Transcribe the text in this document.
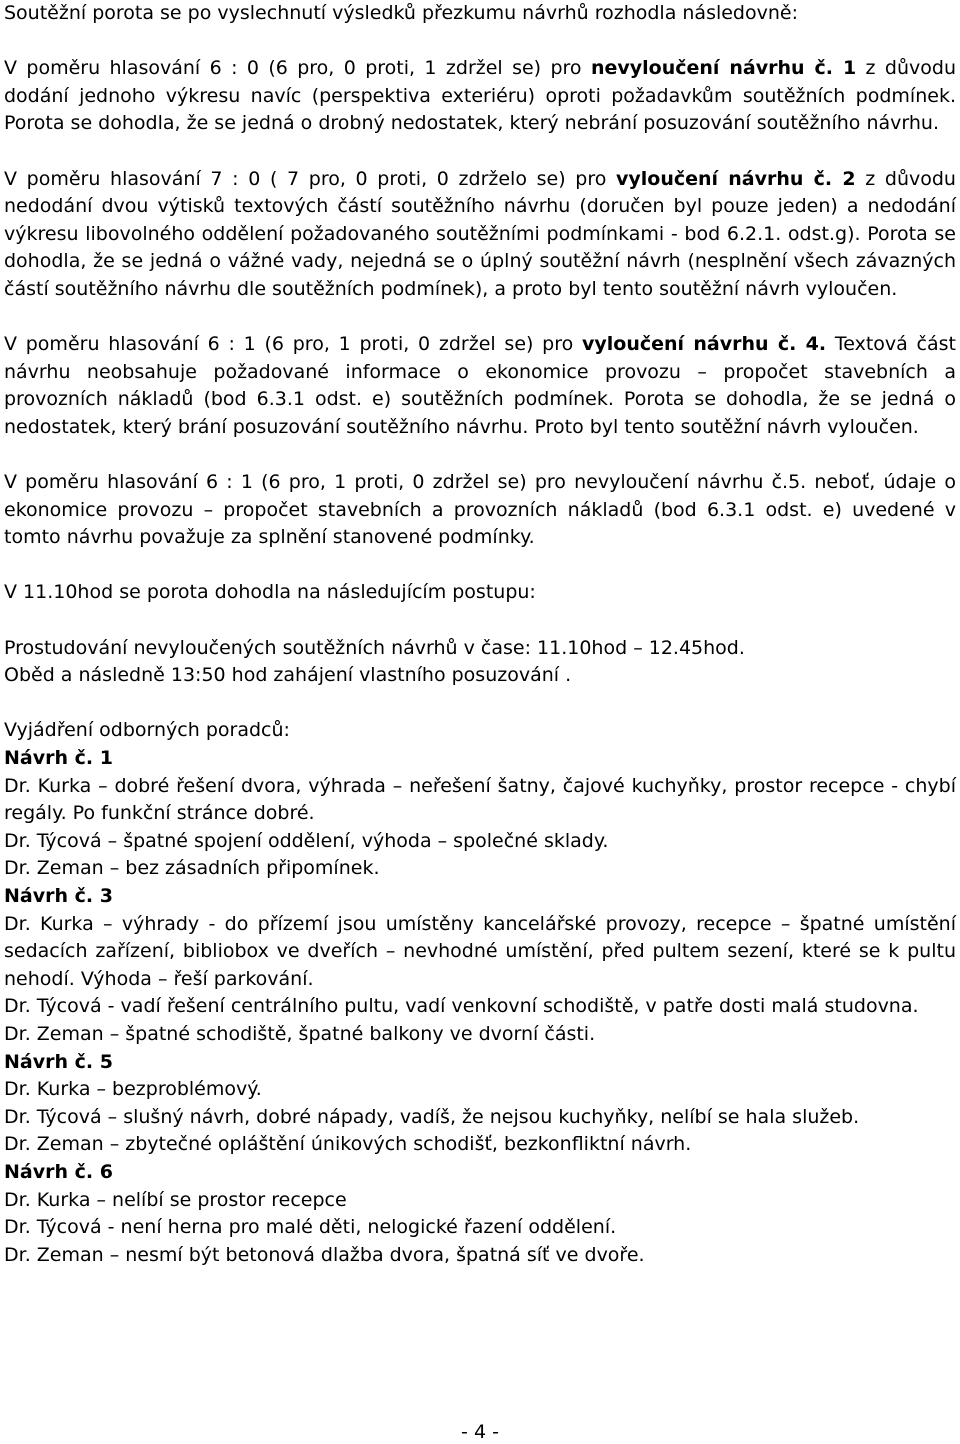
Soutěžní porota se po vyslechnutí výsledků přezkumu návrhů rozhodla následovně:

V poměru hlasování 6 : 0 (6 pro, 0 proti, 1 zdržel se) pro nevyloučení návrhu č. 1 z důvodu dodání jednoho výkresu navíc (perspektiva exteriéru) oproti požadavkům soutěžních podmínek. Porota se dohodla, že se jedná o drobný nedostatek, který nebrání posuzování soutěžního návrhu.

V poměru hlasování 7 : 0 ( 7 pro, 0 proti, 0 zdrželo se) pro vyloučení návrhu č. 2 z důvodu nedodání dvou výtisků textových částí soutěžního návrhu (doručen byl pouze jeden) a nedodání výkresu libovolného oddělení požadovaného soutěžními podmínkami - bod 6.2.1. odst.g). Porota se dohodla, že se jedná o vážné vady, nejedná se o úplný soutěžní návrh (nesplnění všech závazných částí soutěžního návrhu dle soutěžních podmínek), a proto byl tento soutěžní návrh vyloučen.

V poměru hlasování 6 : 1 (6 pro, 1 proti, 0 zdržel se) pro vyloučení návrhu č. 4. Textová část návrhu neobsahuje požadované informace o ekonomice provozu – propočet stavebních a provozních nákladů (bod 6.3.1 odst. e) soutěžních podmínek. Porota se dohodla, že se jedná o nedostatek, který brání posuzování soutěžního návrhu. Proto byl tento soutěžní návrh vyloučen.

V poměru hlasování 6 : 1 (6 pro, 1 proti, 0 zdržel se) pro nevyloučení návrhu č.5. neboť, údaje o ekonomice provozu – propočet stavebních a provozních nákladů (bod 6.3.1 odst. e) uvedené v tomto návrhu považuje za splnění stanovené podmínky.

V 11.10hod se porota dohodla na následujícím postupu:

Prostudování nevyloučených soutěžních návrhů v čase: 11.10hod – 12.45hod.

Oběd a následně 13:50 hod zahájení vlastního posuzování .

Vyjádření odborných poradců:

Návrh č. 1

Dr. Kurka – dobré řešení dvora, výhrada – neřešení šatny, čajové kuchyňky, prostor recepce - chybí regály. Po funkční stránce dobré.

Dr. Týcová – špatné spojení oddělení, výhoda – společné sklady.

Dr. Zeman – bez zásadních připomínek.

Návrh č. 3

Dr. Kurka – výhrady - do přízemí jsou umístěny kancelářské provozy, recepce – špatné umístění sedacích zařízení, bibliobox ve dveřích – nevhodné umístění, před pultem sezení, které se k pultu nehodí. Výhoda – řeší parkování.

Dr. Týcová - vadí řešení centrálního pultu, vadí venkovní schodiště, v patře dosti malá studovna.

Dr. Zeman – špatné schodiště, špatné balkony ve dvorní části.

Návrh č. 5

Dr. Kurka – bezproblémový.

Dr. Týcová – slušný návrh, dobré nápady, vadíš, že nejsou kuchyňky, nelíbí se hala služeb.

Dr. Zeman – zbytečné opláštění únikových schodišť, bezkonfliktní návrh.

Návrh č. 6

Dr. Kurka – nelíbí se prostor recepce

Dr. Týcová - není herna pro malé děti, nelogické řazení oddělení.

Dr. Zeman – nesmí být betonová dlažba dvora, špatná síť ve dvoře.

- 4 -
